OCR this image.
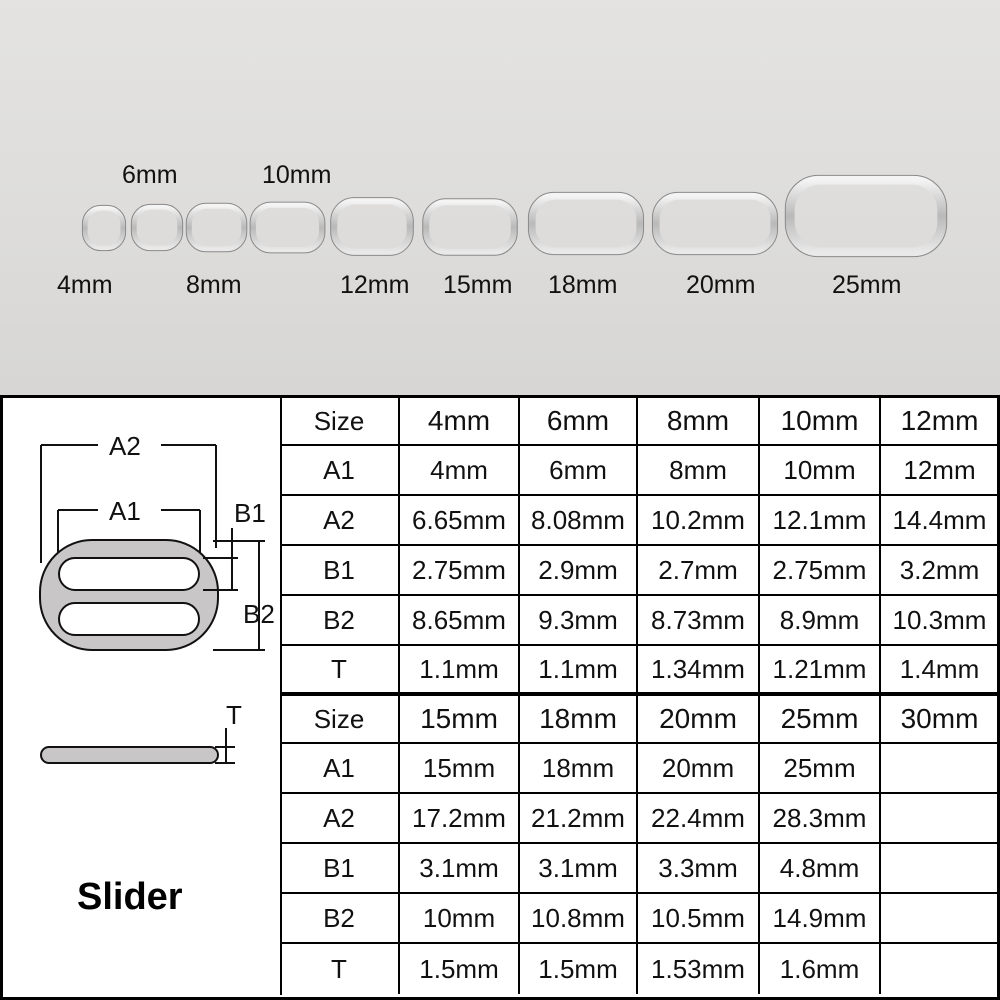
4mm
6mm
8mm
10mm
12mm 15mm 18mm	20mm	25mm
A2
A1	B1
B2
T
Slider
Size	4mm	6mm	8mm	10mm	12mm
A1	4mm	6mm	8mm	10mm	12mm
A2	6.65mm 8.08mm	10.2mm	12.1mm	14.4mm
B1	2.75mm	2.9mm	2.7mm	2.75mm	3.2mm
B2	8.65mm	9.3mm	8.73mm	8.9mm	10.3mm
T	1.1mm	1.1mm	1.34mm	1.21mm	1.4mm
Size	15mm	18mm	20mm	25mm	30mm
A1	15mm	18mm	20mm	25mm
A2	17.2mm 21.2mm	22.4mm	28.3mm
B1	3.1mm	3.1mm	3.3mm	4.8mm
B2	10mm	10.8mm	10.5mm	14.9mm
T	1.5mm	1.5mm	1.53mm	1.6mm
